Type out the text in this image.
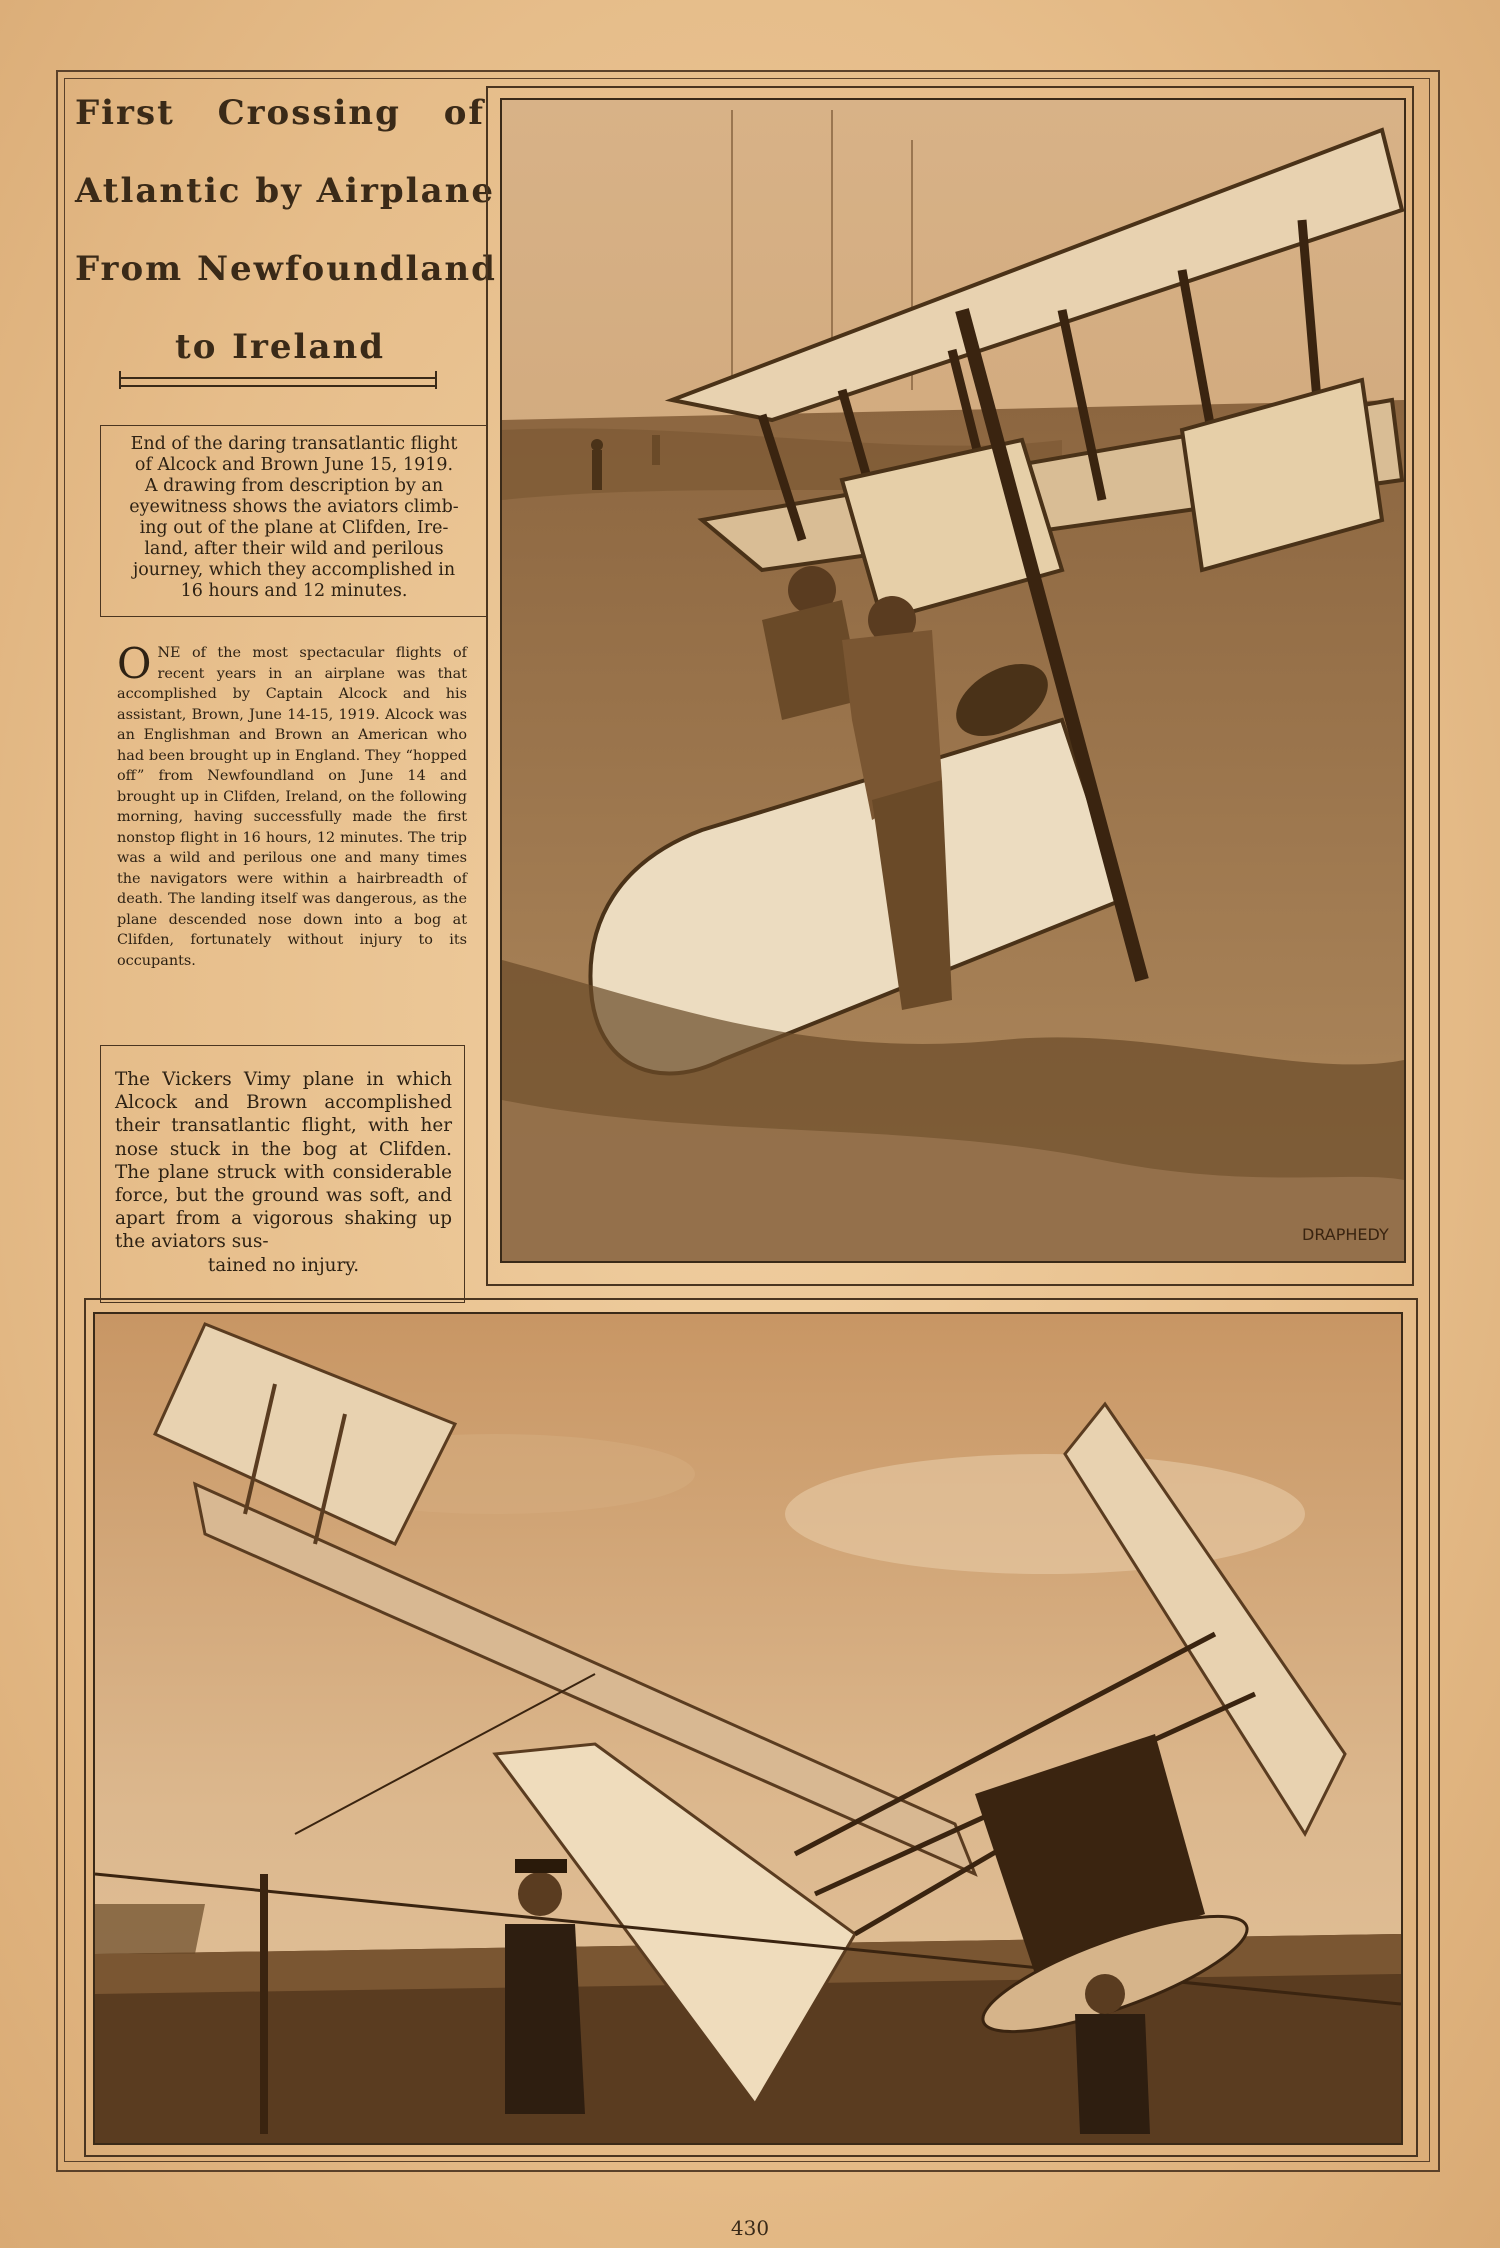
First Crossing of
Atlantic by Airplane
From Newfoundland
to Ireland

End of the daring transatlantic flight

of Alcock and Brown June 15, 1919.

A drawing from description by an

eyewitness shows the aviators climb-

ing out of the plane at Clifden, Ire-

land, after their wild and perilous

journey, which they accomplished in

16 hours and 12 minutes.

ONE of the most spectacular flights of recent years in an airplane was that accomplished by Captain Alcock and his assistant, Brown, June 14-15, 1919. Alcock was an Englishman and Brown an American who had been brought up in England. They “hopped off” from Newfoundland on June 14 and brought up in Clifden, Ireland, on the following morning, having successfully made the first nonstop flight in 16 hours, 12 minutes. The trip was a wild and perilous one and many times the navigators were within a hairbreadth of death. The landing itself was dangerous, as the plane descended nose down into a bog at Clifden, fortunately without injury to its occupants.
The Vickers Vimy plane in which Alcock and Brown accomplished their transatlantic flight, with her nose stuck in the bog at Clifden. The plane struck with considerable force, but the ground was soft, and apart from a vigorous shaking up the aviators sus-
tained no injury.
DRAPHEDY
430
